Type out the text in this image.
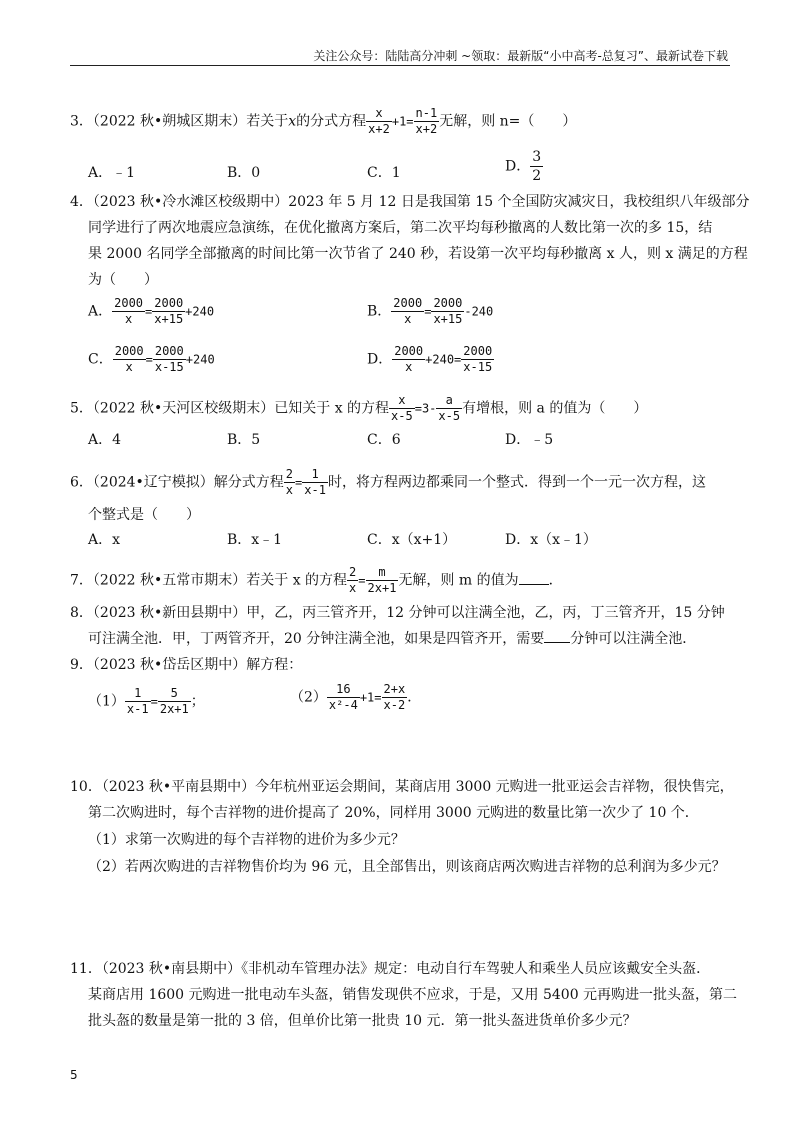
关注公众号：陆陆高分冲刺 ~领取：最新版“小中高考-总复习”、最新试卷下载
3．（2022 秋•朔城区期末）若关于x的分式方程 $\frac{x}{x+2} +1= \frac{n-1}{x+2}$ 无解，则 n=（　　）
A．﹣1	B．0	C．1	D． $\frac{3}{2}$
4．（2023 秋•冷水滩区校级期中）2023 年 5 月 12 日是我国第 15 个全国防灾减灾日，我校组织八年级部分
同学进行了两次地震应急演练，在优化撤离方案后，第二次平均每秒撤离的人数比第一次的多 15，结
果 2000 名同学全部撤离的时间比第一次节省了 240 秒，若设第一次平均每秒撤离 x 人，则 x 满足的方程
为（　　）
A． $\frac{2000}{x} = \frac{2000}{x+15} +240$	B． $\frac{2000}{x} = \frac{2000}{x+15} -240$
C． $\frac{2000}{x} = \frac{2000}{x-15} +240$	D． $\frac{2000}{x} +240= \frac{2000}{x-15}$
5．（2022 秋•天河区校级期末）已知关于 x 的方程 $\frac{x}{x-5} =3- \frac{a}{x-5}$ 有增根，则 a 的值为（　　）
A．4	B．5	C．6	D．﹣5
6．（2024•辽宁模拟）解分式方程 $\frac{2}{x} = \frac{1}{x-1}$ 时，将方程两边都乘同一个整式．得到一个一元一次方程，这
个整式是（　　）
A．x	B．x﹣1	C．x（x+1）	D．x（x﹣1）
7．（2022 秋•五常市期末）若关于 x 的方程 $\frac{2}{x} = \frac{m}{2x+1}$ 无解，则 m 的值为 ．
8．（2023 秋•新田县期中）甲，乙，丙三管齐开，12 分钟可以注满全池，乙，丙，丁三管齐开，15 分钟
可注满全池．甲，丁两管齐开，20 分钟注满全池，如果是四管齐开，需要 分钟可以注满全池．
9．（2023 秋•岱岳区期中）解方程：
$(1) \frac{1}{x-1} = \frac{5}{2x+1}$ ；	$(2) \frac{16}{\text{x²-4}} +1= \frac{2+x}{x-2}$ ．
10．（2023 秋•平南县期中）今年杭州亚运会期间，某商店用 3000 元购进一批亚运会吉祥物，很快售完，
第二次购进时，每个吉祥物的进价提高了 20%，同样用 3000 元购进的数量比第一次少了 10 个．
（1）求第一次购进的每个吉祥物的进价为多少元？
（2）若两次购进的吉祥物售价均为 96 元，且全部售出，则该商店两次购进吉祥物的总利润为多少元？
11．（2023 秋•南县期中）《非机动车管理办法》规定：电动自行车驾驶人和乘坐人员应该戴安全头盔．
某商店用 1600 元购进一批电动车头盔，销售发现供不应求，于是，又用 5400 元再购进一批头盔，第二
批头盔的数量是第一批的 3 倍，但单价比第一批贵 10 元．第一批头盔进货单价多少元？
5
